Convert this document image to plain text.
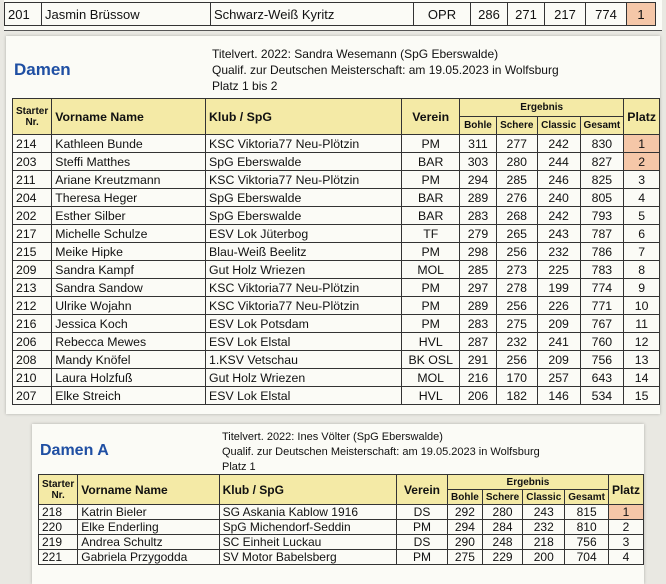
201	Jasmin Brüssow	Schwarz-Weiß Kyritz	OPR	286	271	217	774	1
Damen
Titelvert. 2022: Sandra Wesemann (SpG Eberswalde)
Qualif. zur Deutschen Meisterschaft: am 19.05.2023 in Wolfsburg
Platz 1 bis 2
Starter Nr.	Vorname Name	Klub / SpG	Verein	Ergebnis				Platz
				Bohle	Schere	Classic	Gesamt	
214	Kathleen Bunde	KSC Viktoria77 Neu-Plötzin	PM	311	277	242	830	1
203	Steffi Matthes	SpG Eberswalde	BAR	303	280	244	827	2
211	Ariane Kreutzmann	KSC Viktoria77 Neu-Plötzin	PM	294	285	246	825	3
204	Theresa Heger	SpG Eberswalde	BAR	289	276	240	805	4
202	Esther Silber	SpG Eberswalde	BAR	283	268	242	793	5
217	Michelle Schulze	ESV Lok Jüterbog	TF	279	265	243	787	6
215	Meike Hipke	Blau-Weiß Beelitz	PM	298	256	232	786	7
209	Sandra Kampf	Gut Holz Wriezen	MOL	285	273	225	783	8
213	Sandra Sandow	KSC Viktoria77 Neu-Plötzin	PM	297	278	199	774	9
212	Ulrike Wojahn	KSC Viktoria77 Neu-Plötzin	PM	289	256	226	771	10
216	Jessica Koch	ESV Lok Potsdam	PM	283	275	209	767	11
206	Rebecca Mewes	ESV Lok Elstal	HVL	287	232	241	760	12
208	Mandy Knöfel	1.KSV Vetschau	BK OSL	291	256	209	756	13
210	Laura Holzfuß	Gut Holz Wriezen	MOL	216	170	257	643	14
207	Elke Streich	ESV Lok Elstal	HVL	206	182	146	534	15
Damen A
Titelvert. 2022: Ines Völter (SpG Eberswalde)
Qualif. zur Deutschen Meisterschaft: am 19.05.2023 in Wolfsburg
Platz 1
Starter Nr.	Vorname Name	Klub / SpG	Verein	Ergebnis				Platz
				Bohle	Schere	Classic	Gesamt	
218	Katrin Bieler	SG Askania Kablow 1916	DS	292	280	243	815	1
220	Elke Enderling	SpG Michendorf-Seddin	PM	294	284	232	810	2
219	Andrea Schultz	SC Einheit Luckau	DS	290	248	218	756	3
221	Gabriela Przygodda	SV Motor Babelsberg	PM	275	229	200	704	4
